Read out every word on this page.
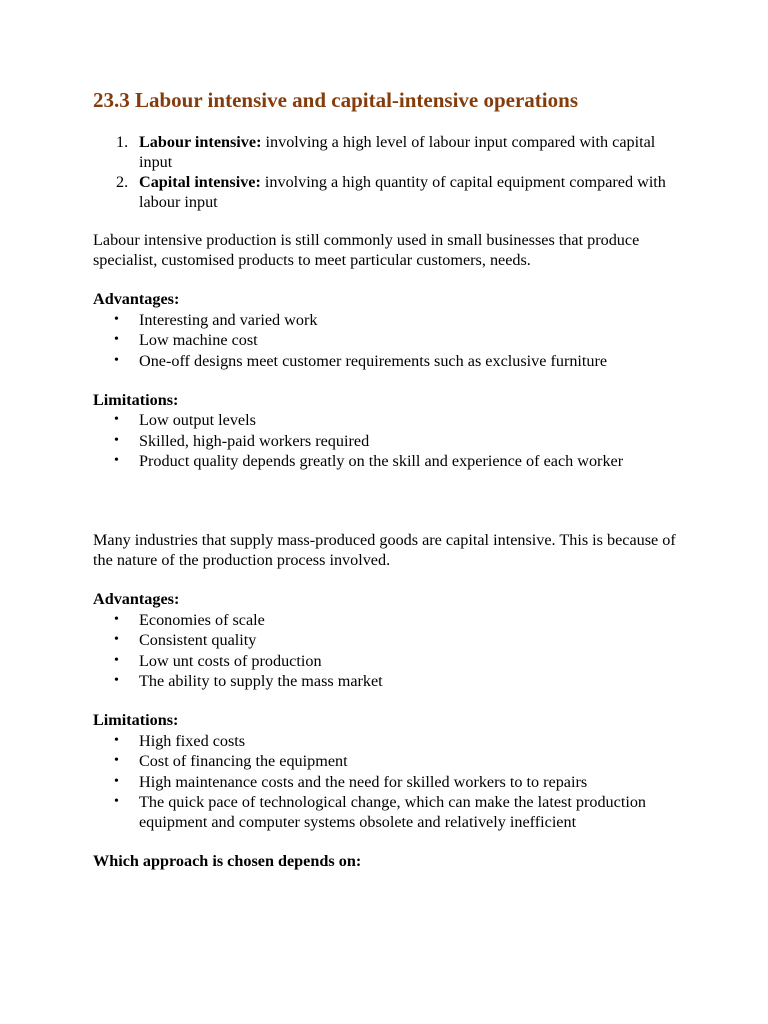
23.3 Labour intensive and capital-intensive operations
1. Labour intensive: involving a high level of labour input compared with capital input
2. Capital intensive: involving a high quantity of capital equipment compared with labour input

Labour intensive production is still commonly used in small businesses that produce specialist, customised products to meet particular customers, needs.

Advantages:

• Interesting and varied work
• Low machine cost
• One-off designs meet customer requirements such as exclusive furniture

Limitations:

• Low output levels
• Skilled, high-paid workers required
• Product quality depends greatly on the skill and experience of each worker

Many industries that supply mass-produced goods are capital intensive. This is because of the nature of the production process involved.

Advantages:

• Economies of scale
• Consistent quality
• Low unt costs of production
• The ability to supply the mass market

Limitations:

• High fixed costs
• Cost of financing the equipment
• High maintenance costs and the need for skilled workers to to repairs
• The quick pace of technological change, which can make the latest production equipment and computer systems obsolete and relatively inefficient

Which approach is chosen depends on:
